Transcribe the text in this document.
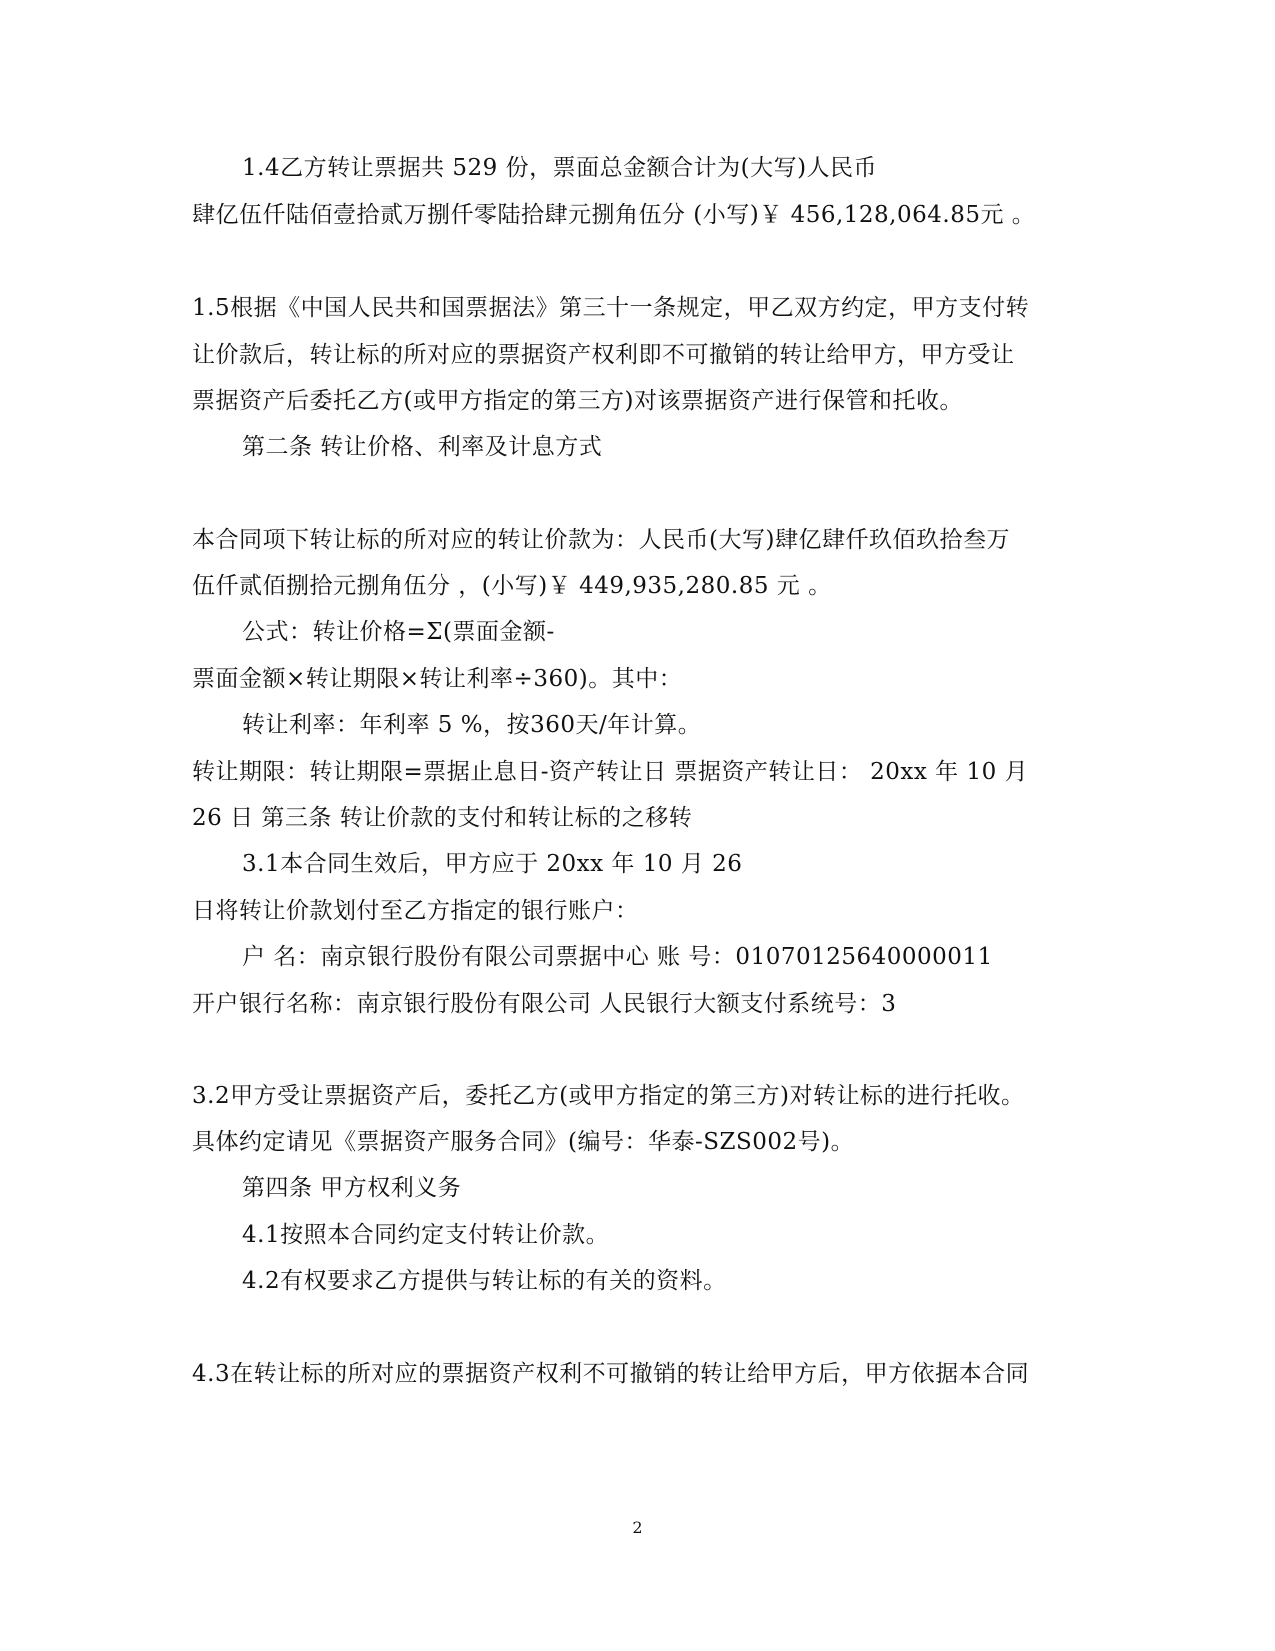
1.4乙方转让票据共 529 份，票面总金额合计为(大写)人民币
肆亿伍仟陆佰壹拾贰万捌仟零陆拾肆元捌角伍分 (小写)￥ 456,128,064.85元 。
1.5根据《中国人民共和国票据法》第三十一条规定，甲乙双方约定，甲方支付转
让价款后，转让标的所对应的票据资产权利即不可撤销的转让给甲方，甲方受让
票据资产后委托乙方(或甲方指定的第三方)对该票据资产进行保管和托收。
第二条 转让价格、利率及计息方式
本合同项下转让标的所对应的转让价款为：人民币(大写)肆亿肆仟玖佰玖拾叁万
伍仟贰佰捌拾元捌角伍分 ，(小写)￥ 449,935,280.85 元 。
公式：转让价格=Σ(票面金额-
票面金额×转让期限×转让利率÷360)。其中：
转让利率：年利率 5 %，按360天/年计算。
转让期限：转让期限=票据止息日-资产转让日 票据资产转让日： 20xx 年 10 月
26 日 第三条 转让价款的支付和转让标的之移转
3.1本合同生效后，甲方应于 20xx 年 10 月 26
日将转让价款划付至乙方指定的银行账户：
户 名：南京银行股份有限公司票据中心 账 号：01070125640000011
开户银行名称：南京银行股份有限公司 人民银行大额支付系统号：3
3.2甲方受让票据资产后，委托乙方(或甲方指定的第三方)对转让标的进行托收。
具体约定请见《票据资产服务合同》(编号：华泰-SZS002号)。
第四条 甲方权利义务
4.1按照本合同约定支付转让价款。
4.2有权要求乙方提供与转让标的有关的资料。
4.3在转让标的所对应的票据资产权利不可撤销的转让给甲方后，甲方依据本合同
2
